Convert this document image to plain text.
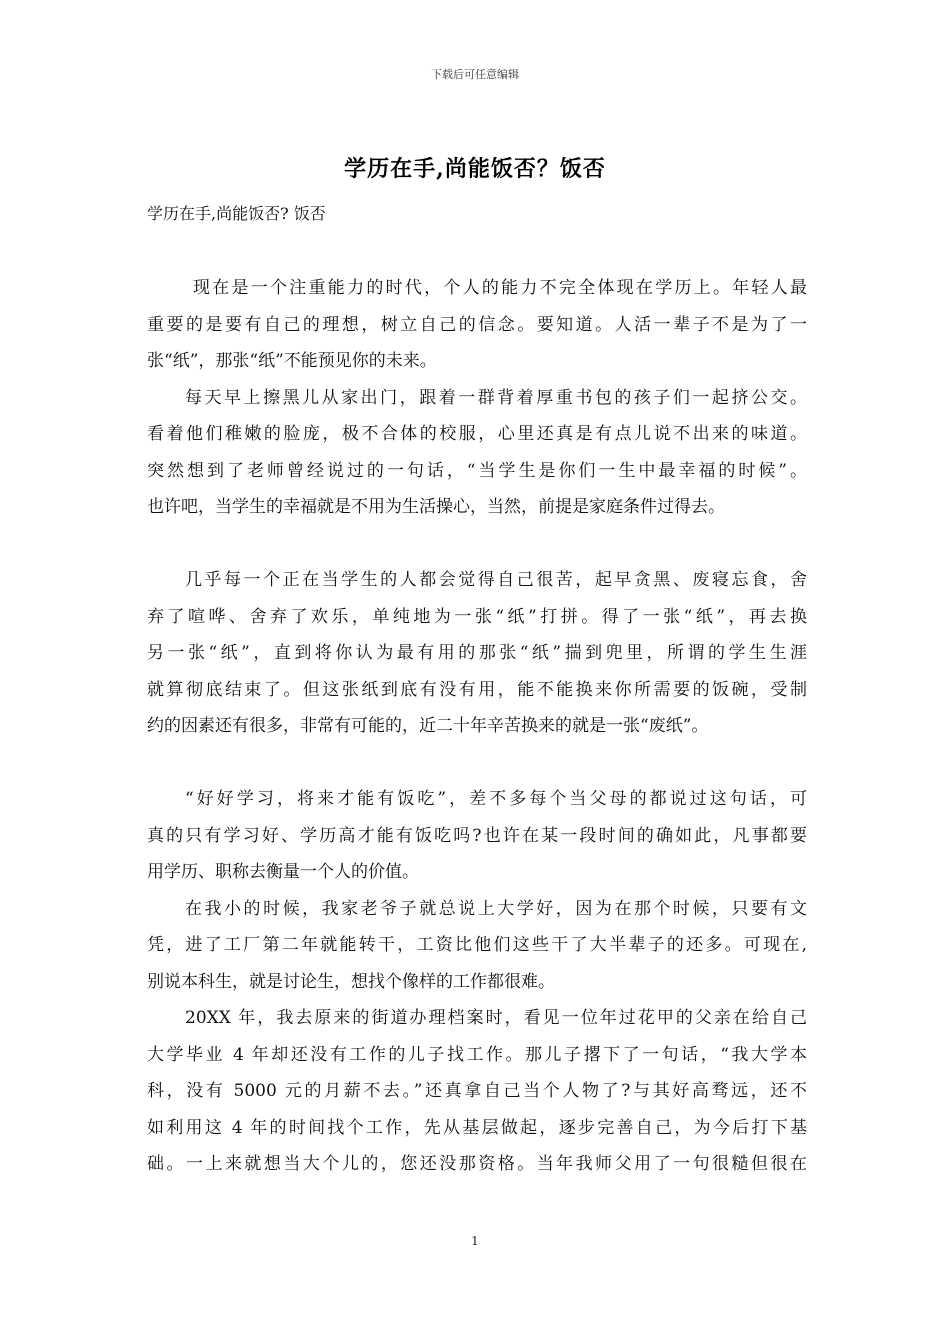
下载后可任意编辑
学历在手,尚能饭否？饭否
学历在手,尚能饭否? 饭否
现在是一个注重能力的时代，个人的能力不完全体现在学历上。年轻人最
重要的是要有自己的理想，树立自己的信念。要知道。人活一辈子不是为了一
张“纸”，那张“纸”不能预见你的未来。
每天早上擦黑儿从家出门，跟着一群背着厚重书包的孩子们一起挤公交。
看着他们稚嫩的脸庞，极不合体的校服，心里还真是有点儿说不出来的味道。
突然想到了老师曾经说过的一句话，“当学生是你们一生中最幸福的时候”。
也许吧，当学生的幸福就是不用为生活操心，当然，前提是家庭条件过得去。
几乎每一个正在当学生的人都会觉得自己很苦，起早贪黑、废寝忘食，舍
弃了喧哗、舍弃了欢乐，单纯地为一张“纸”打拼。得了一张“纸”，再去换
另一张“纸”，直到将你认为最有用的那张“纸”揣到兜里，所谓的学生生涯
就算彻底结束了。但这张纸到底有没有用，能不能换来你所需要的饭碗，受制
约的因素还有很多，非常有可能的，近二十年辛苦换来的就是一张“废纸”。
“好好学习，将来才能有饭吃”，差不多每个当父母的都说过这句话，可
真的只有学习好、学历高才能有饭吃吗?也许在某一段时间的确如此，凡事都要
用学历、职称去衡量一个人的价值。
在我小的时候，我家老爷子就总说上大学好，因为在那个时候，只要有文
凭，进了工厂第二年就能转干，工资比他们这些干了大半辈子的还多。可现在,
别说本科生，就是讨论生，想找个像样的工作都很难。
20XX 年，我去原来的街道办理档案时，看见一位年过花甲的父亲在给自己
大学毕业 4 年却还没有工作的儿子找工作。那儿子撂下了一句话，“我大学本
科，没有 5000 元的月薪不去。”还真拿自己当个人物了?与其好高骛远，还不
如利用这 4 年的时间找个工作，先从基层做起，逐步完善自己，为今后打下基
础。一上来就想当大个儿的，您还没那资格。当年我师父用了一句很糙但很在
1
